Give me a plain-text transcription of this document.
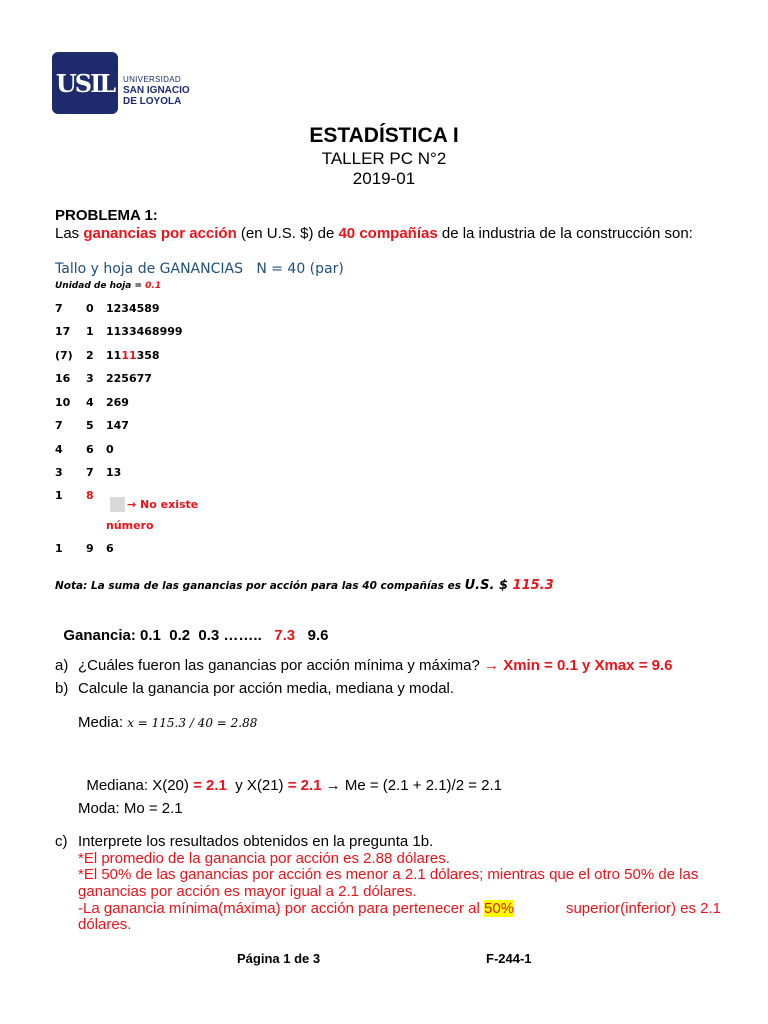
USIL UNIVERSIDAD
SAN IGNACIO
DE LOYOLA
ESTADÍSTICA I
TALLER PC N°2
2019-01
PROBLEMA 1:
Las ganancias por acción (en U.S. $) de 40 compañías de la industria de la construcción son:
Tallo y hoja de GANANCIAS   N = 40 (par)
Unidad de hoja = 0.1
7	0	1234589
17	1	1133468999
(7)	2	1111358
16	3	225677
10	4	269
7	5	147
4	6	0
3	7	13
1	8
→ No existe
número
1	9	6
Nota: La suma de las ganancias por acción para las 40 compañías es U.S. $ 115.3

Ganancia: 0.1  0.2  0.3 ……..   7.3   9.6

a) ¿Cuáles fueron las ganancias por acción mínima y máxima? → Xmin = 0.1 y Xmax = 9.6
b) Calcule la ganancia por acción media, mediana y modal.
Media: x = 115.3 / 40 = 2.88

Mediana: X(20) = 2.1  y X(21) = 2.1 → Me = (2.1 + 2.1)/2 = 2.1

Moda: Mo = 2.1
c) Interprete los resultados obtenidos en la pregunta 1b.
*El promedio de la ganancia por acción es 2.88 dólares.
*El 50% de las ganancias por acción es menor a 2.1 dólares; mientras que el otro 50% de las
ganancias por acción es mayor igual a 2.1 dólares.
-La ganancia mínima(máxima) por acción para pertenecer al 50%	superior(inferior) es 2.1
dólares.
Página 1 de 3	F-244-1
